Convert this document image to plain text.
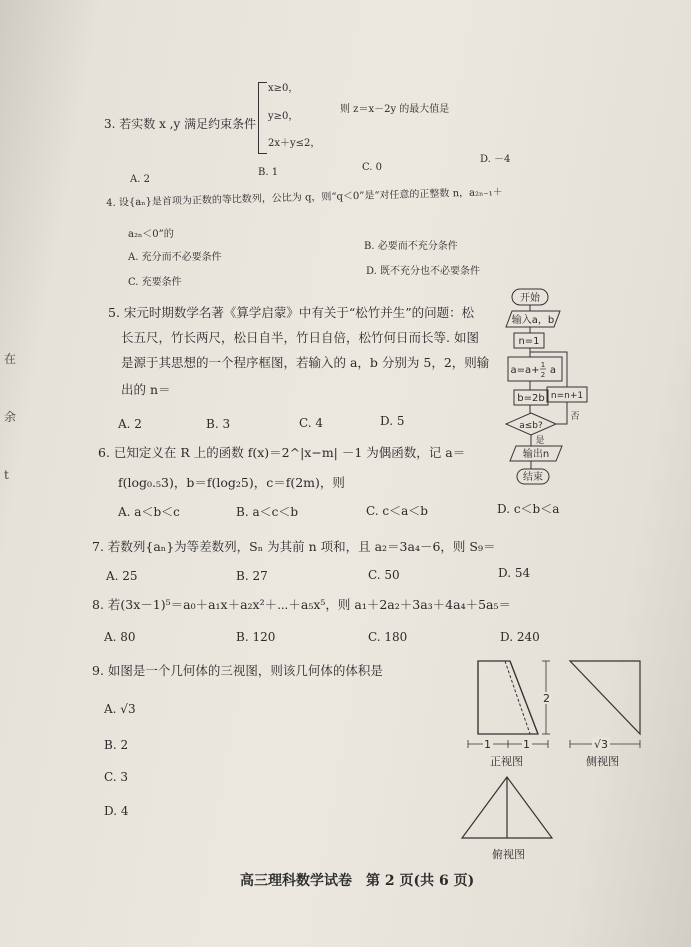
在
余
t
3. 若实数 x ,y 满足约束条件
x≥0，
y≥0，
2x＋y≤2，
则 z＝x－2y 的最大值是
A. 2
B. 1	C. 0
D. －4
4. 设{aₙ}是首项为正数的等比数列，公比为 q，则“q＜0”是“对任意的正整数 n，a₂ₙ₋₁＋
a₂ₙ＜0”的
A. 充分而不必要条件
B. 必要而不充分条件
C. 充要条件
D. 既不充分也不必要条件
5. 宋元时期数学名著《算学启蒙》中有关于“松竹并生”的问题：松
长五尺，竹长两尺，松日自半，竹日自倍，松竹何日而长等. 如图
是源于其思想的一个程序框图，若输入的 a，b 分别为 5，2，则输
出的 n＝
A. 2	B. 3	C. 4	D. 5
开始
输入a，b
n=1
a=a+ 1
2 a
b=2b
a≤b?
是
否
n=n+1
输出n
结束
6. 已知定义在 R 上的函数 f(x)＝2^|x−m| －1 为偶函数，记 a＝
f(log₀.₅3)，b＝f(log₂5)，c＝f(2m)，则
A. a＜b＜c	B. a＜c＜b	C. c＜a＜b	D. c＜b＜a
7. 若数列{aₙ}为等差数列，Sₙ 为其前 n 项和，且 a₂＝3a₄－6，则 S₉＝
A. 25	B. 27	C. 50	D. 54
8. 若(3x－1)⁵＝a₀＋a₁x＋a₂x²＋⋯＋a₅x⁵，则 a₁＋2a₂＋3a₃＋4a₄＋5a₅＝
A. 80	B. 120	C. 180	D. 240
9. 如图是一个几何体的三视图，则该几何体的体积是
A. √3
B. 2
C. 3
D. 4
1	1
2
√3
正视图	侧视图
俯视图
高三理科数学试卷　第 2 页(共 6 页)
